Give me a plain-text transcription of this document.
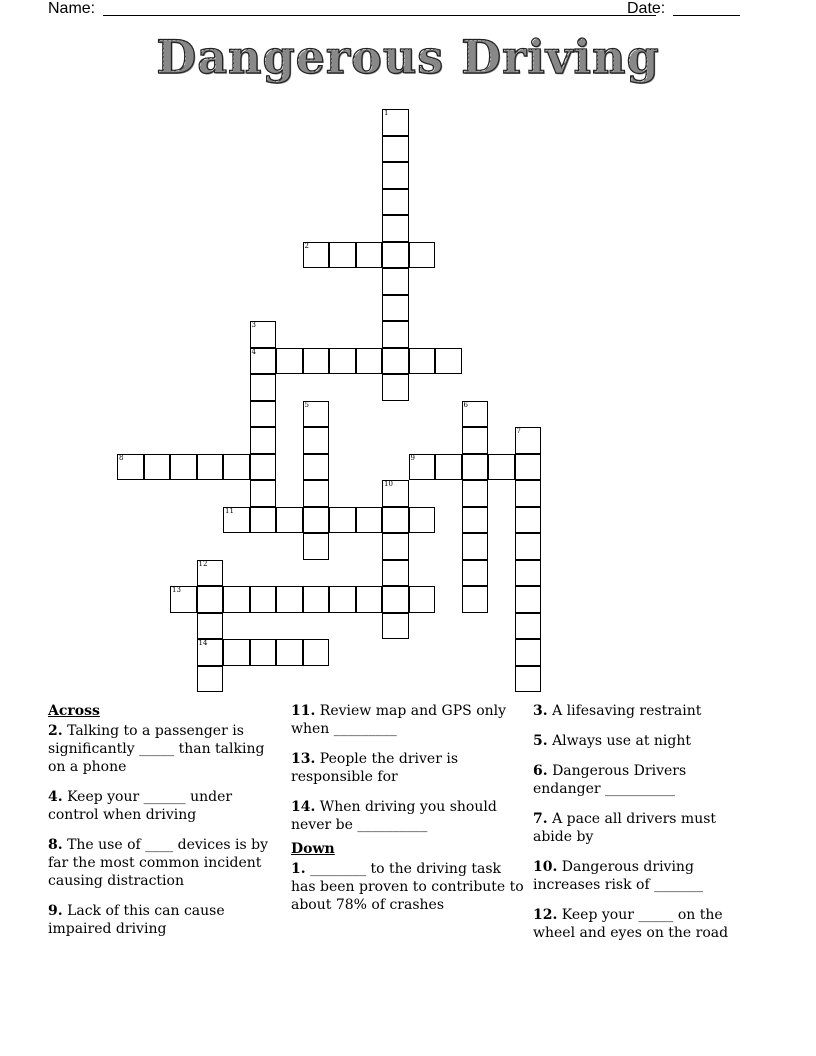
Name:	Date:
Dangerous Driving
1
2
3
4
5	6
7
8	9
10
11
12
14
13
Across
2. Talking to a passenger is significantly _____ than talking on a phone
4. Keep your ______ under control when driving
8. The use of ____ devices is by far the most common incident causing distraction
9. Lack of this can cause impaired driving
11. Review map and GPS only when _________
13. People the driver is responsible for
14. When driving you should never be __________
Down
1. ________ to the driving task has been proven to contribute to about 78% of crashes
3. A lifesaving restraint
5. Always use at night
6. Dangerous Drivers endanger __________
7. A pace all drivers must abide by
10. Dangerous driving increases risk of _______
12. Keep your _____ on the wheel and eyes on the road
